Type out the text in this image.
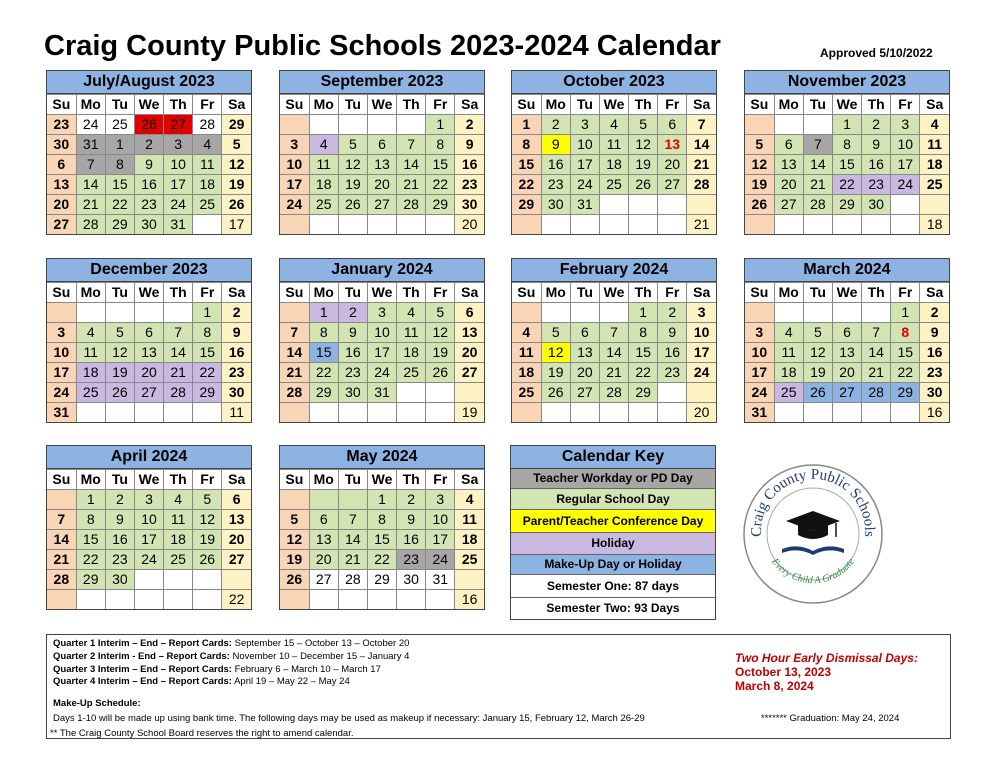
Craig County Public Schools 2023-2024 Calendar	Approved 5/10/2022
July/August 2023
Su	Mo	Tu	We	Th	Fr	Sa
23	24	25	26	27	28	29
30	31	1	2	3	4	5
6	7	8	9	10	11	12
13	14	15	16	17	18	19
20	21	22	23	24	25	26
27	28	29	30	31		17
September 2023
Su	Mo	Tu	We	Th	Fr	Sa
					1	2
3	4	5	6	7	8	9
10	11	12	13	14	15	16
17	18	19	20	21	22	23
24	25	26	27	28	29	30
						20
October 2023
Su	Mo	Tu	We	Th	Fr	Sa
1	2	3	4	5	6	7
8	9	10	11	12	13	14
15	16	17	18	19	20	21
22	23	24	25	26	27	28
29	30	31				
						21
November 2023
Su	Mo	Tu	We	Th	Fr	Sa
			1	2	3	4
5	6	7	8	9	10	11
12	13	14	15	16	17	18
19	20	21	22	23	24	25
26	27	28	29	30		
						18
December 2023
Su	Mo	Tu	We	Th	Fr	Sa
					1	2
3	4	5	6	7	8	9
10	11	12	13	14	15	16
17	18	19	20	21	22	23
24	25	26	27	28	29	30
31						11
January 2024
Su	Mo	Tu	We	Th	Fr	Sa
	1	2	3	4	5	6
7	8	9	10	11	12	13
14	15	16	17	18	19	20
21	22	23	24	25	26	27
28	29	30	31			
						19
February 2024
Su	Mo	Tu	We	Th	Fr	Sa
				1	2	3
4	5	6	7	8	9	10
11	12	13	14	15	16	17
18	19	20	21	22	23	24
25	26	27	28	29		
						20
March 2024
Su	Mo	Tu	We	Th	Fr	Sa
					1	2
3	4	5	6	7	8	9
10	11	12	13	14	15	16
17	18	19	20	21	22	23
24	25	26	27	28	29	30
31						16
April 2024
Su	Mo	Tu	We	Th	Fr	Sa
	1	2	3	4	5	6
7	8	9	10	11	12	13
14	15	16	17	18	19	20
21	22	23	24	25	26	27
28	29	30				
						22
May 2024
Su	Mo	Tu	We	Th	Fr	Sa
			1	2	3	4
5	6	7	8	9	10	11
12	13	14	15	16	17	18
19	20	21	22	23	24	25
26	27	28	29	30	31	
						16
Calendar Key
Teacher Workday or PD Day
Regular School Day
Parent/Teacher Conference Day
Holiday
Make-Up Day or Holiday
Semester One: 87 days
Semester Two: 93 Days
Craig County Public Schools
Every Child A Graduate
Quarter 1 Interim – End – Report Cards: September 15 – October 13 – October 20
Quarter 2 Interim - End – Report Cards: November 10 – December 15 – January 4
Quarter 3 Interim – End – Report Cards: February 6 – March 10 – March 17
Quarter 4 Interim – End – Report Cards: April 19 – May 22 – May 24
Make-Up Schedule:
Days 1-10 will be made up using bank time. The following days may be used as makeup if necessary: January 15, February 12, March 26-29	******* Graduation: May 24, 2024
Two Hour Early Dismissal Days:
October 13, 2023
March 8, 2024
** The Craig County School Board reserves the right to amend calendar.
